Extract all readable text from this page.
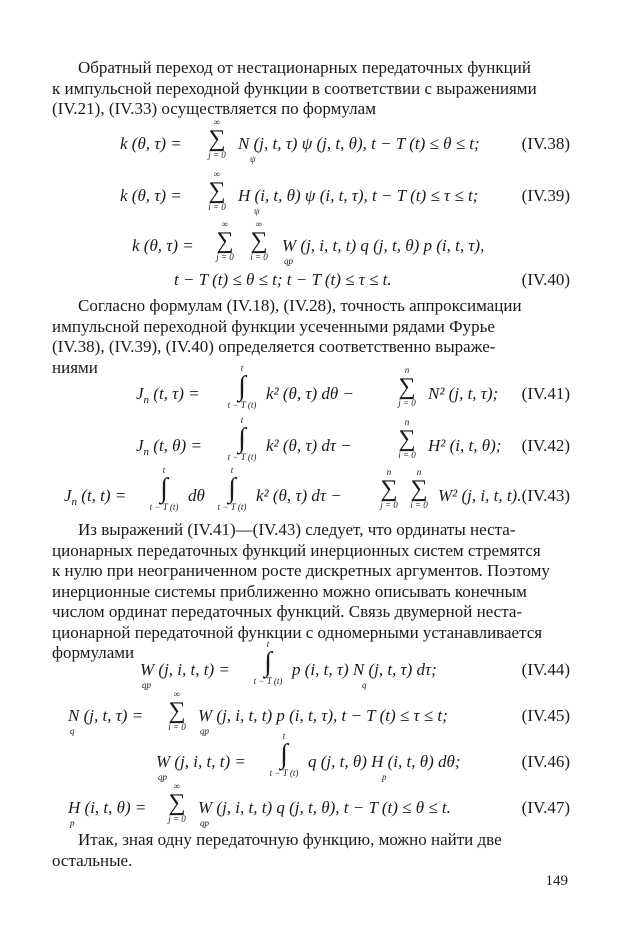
Обратный переход от нестационарных передаточных функций
к импульсной переходной функции в соответствии с выражениями
(IV.21), (IV.33) осуществляется по формулам

k (θ, τ) =
∞
∑
j = 0
N (j, t, τ) ψ (j, t, θ), t − T (t) ≤ θ ≤ t;
ψ
(IV.38)
k (θ, τ) =
∞
∑
i = 0
H (i, t, θ) ψ (i, t, τ), t − T (t) ≤ τ ≤ t;
ψ
(IV.39)
k (θ, τ) =
∞
∑
j = 0
∞
∑
i = 0
W (j, i, t, t) q (j, t, θ) p (i, t, τ),
qp
t − T (t) ≤ θ ≤ t; t − T (t) ≤ τ ≤ t.	(IV.40)

Согласно формулам (IV.18), (IV.28), точность аппроксимации
импульсной переходной функции усеченными рядами Фурье
(IV.38), (IV.39), (IV.40) определяется соответственно выраже-
ниями

$J_n$ (t, τ) =
t
∫
t − T (t)
k² (θ, τ) dθ −
n
∑
j = 0 N² (j, t, τ); (IV.41)
$J_n$ (t, θ) =
t
∫
t − T (t)
k² (θ, τ) dτ −
n
∑
i = 0 H² (i, t, θ); (IV.42)
$J_n$ (t, t) =
t
∫
t − T (t)
dθ
t
∫
t − T (t)
k² (θ, τ) dτ −
n
∑
j = 0
n
∑
i = 0 W² (j, i, t, t). (IV.43)

Из выражений (IV.41)—(IV.43) следует, что ординаты неста-
ционарных передаточных функций инерционных систем стремятся
к нулю при неограниченном росте дискретных аргументов. Поэтому
инерционные системы приближенно можно описывать конечным
числом ординат передаточных функций. Связь двумерной неста-
ционарной передаточной функции с одномерными устанавливается
формулами

W (j, i, t, t) =
qp
t
∫
t − T (t)
p (i, t, τ) N (j, t, τ) dτ;
q
(IV.44)
N (j, t, τ) =
q
∞
∑
i = 0
W (j, i, t, t) p (i, t, τ), t − T (t) ≤ τ ≤ t;
qp
(IV.45)
W (j, i, t, t) =
qp
t
∫
t − T (t)
q (j, t, θ) H (i, t, θ) dθ;
p
(IV.46)
H (i, t, θ) =
p
∞
∑
j = 0
W (j, i, t, t) q (j, t, θ), t − T (t) ≤ θ ≤ t.
qp
(IV.47)

Итак, зная одну передаточную функцию, можно найти две
остальные.

149
